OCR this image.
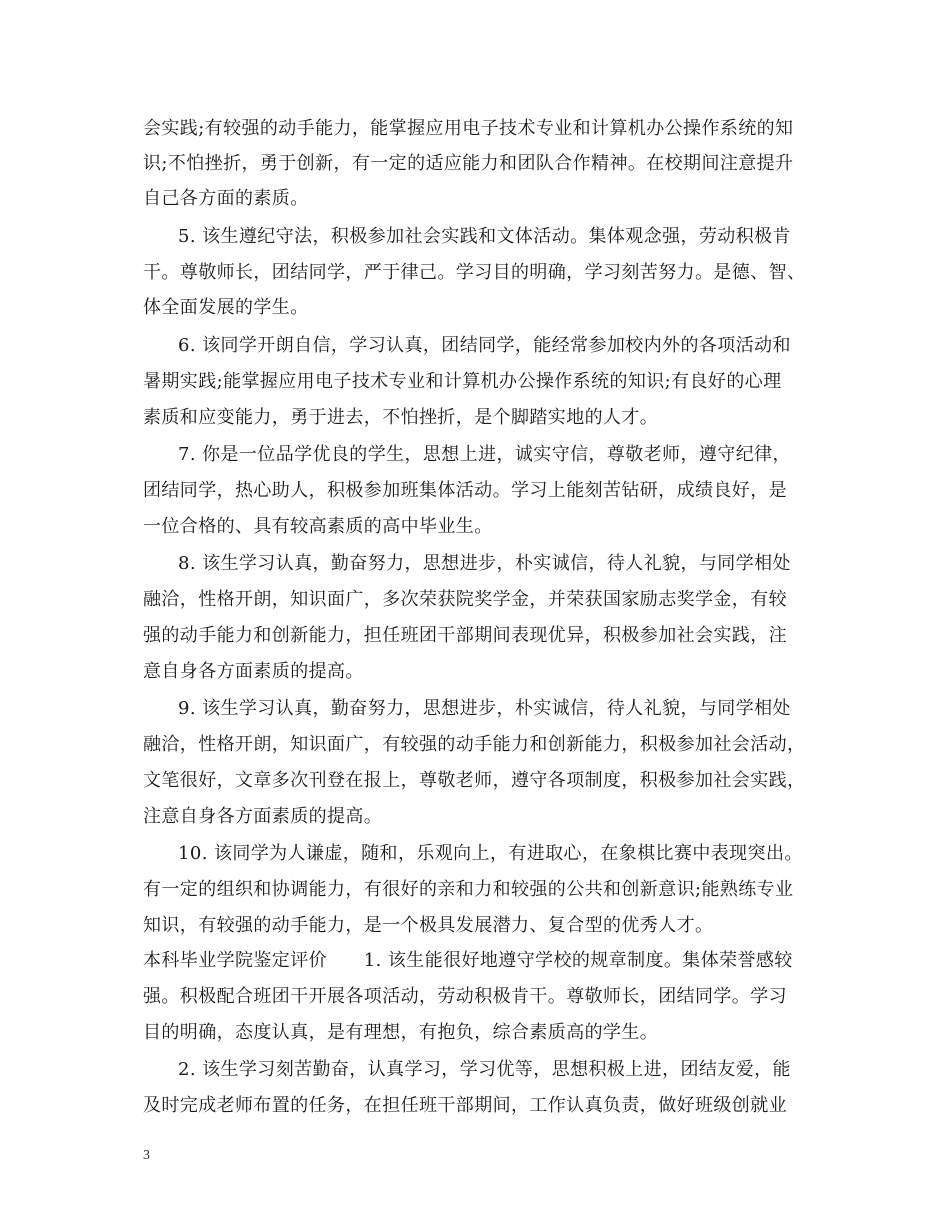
会实践;有较强的动手能力，能掌握应用电子技术专业和计算机办公操作系统的知
识;不怕挫折，勇于创新，有一定的适应能力和团队合作精神。在校期间注意提升
自己各方面的素质。
5. 该生遵纪守法，积极参加社会实践和文体活动。集体观念强，劳动积极肯
干。尊敬师长，团结同学，严于律己。学习目的明确，学习刻苦努力。是德、智、
体全面发展的学生。
6. 该同学开朗自信，学习认真，团结同学，能经常参加校内外的各项活动和
暑期实践;能掌握应用电子技术专业和计算机办公操作系统的知识;有良好的心理
素质和应变能力，勇于进去，不怕挫折，是个脚踏实地的人才。
7. 你是一位品学优良的学生，思想上进，诚实守信，尊敬老师，遵守纪律，
团结同学，热心助人，积极参加班集体活动。学习上能刻苦钻研，成绩良好，是
一位合格的、具有较高素质的高中毕业生。
8. 该生学习认真，勤奋努力，思想进步，朴实诚信，待人礼貌，与同学相处
融洽，性格开朗，知识面广，多次荣获院奖学金，并荣获国家励志奖学金，有较
强的动手能力和创新能力，担任班团干部期间表现优异，积极参加社会实践，注
意自身各方面素质的提高。
9. 该生学习认真，勤奋努力，思想进步，朴实诚信，待人礼貌，与同学相处
融洽，性格开朗，知识面广，有较强的动手能力和创新能力，积极参加社会活动，
文笔很好，文章多次刊登在报上，尊敬老师，遵守各项制度，积极参加社会实践，
注意自身各方面素质的提高。
10. 该同学为人谦虚，随和，乐观向上，有进取心，在象棋比赛中表现突出。
有一定的组织和协调能力，有很好的亲和力和较强的公共和创新意识;能熟练专业
知识，有较强的动手能力，是一个极具发展潜力、复合型的优秀人才。
本科毕业学院鉴定评价　　1. 该生能很好地遵守学校的规章制度。集体荣誉感较
强。积极配合班团干开展各项活动，劳动积极肯干。尊敬师长，团结同学。学习
目的明确，态度认真，是有理想，有抱负，综合素质高的学生。
2. 该生学习刻苦勤奋，认真学习，学习优等，思想积极上进，团结友爱，能
及时完成老师布置的任务，在担任班干部期间，工作认真负责，做好班级创就业
3
